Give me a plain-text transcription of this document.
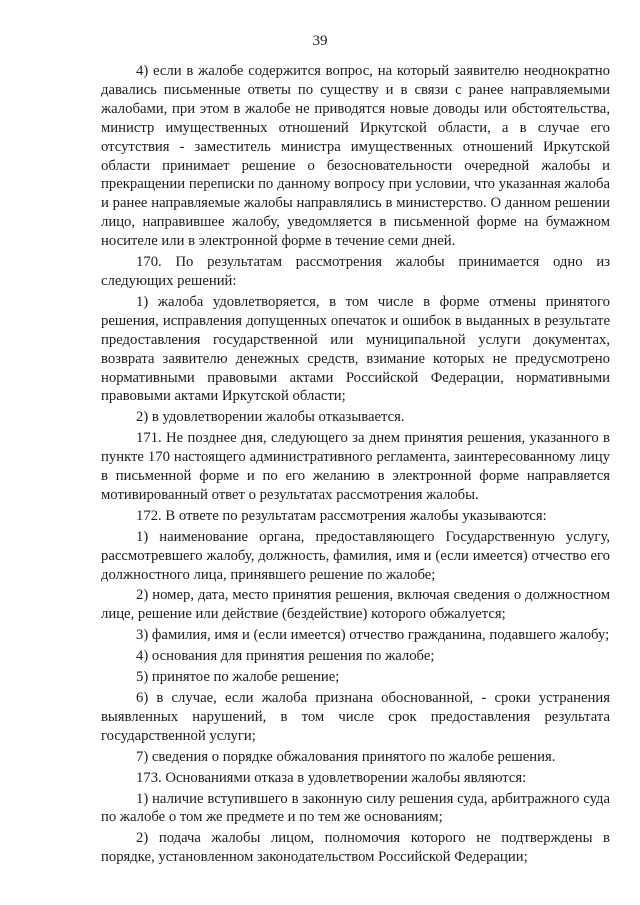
39

4) если в жалобе содержится вопрос, на который заявителю неоднократно давались письменные ответы по существу и в связи с ранее направляемыми жалобами, при этом в жалобе не приводятся новые доводы или обстоятельства, министр имущественных отношений Иркутской области, а в случае его отсутствия - заместитель министра имущественных отношений Иркутской области принимает решение о безосновательности очередной жалобы и прекращении переписки по данному вопросу при условии, что указанная жалоба и ранее направляемые жалобы направлялись в министерство. О данном решении лицо, направившее жалобу, уведомляется в письменной форме на бумажном носителе или в электронной форме в течение семи дней.

170. По результатам рассмотрения жалобы принимается одно из следующих решений:

1) жалоба удовлетворяется, в том числе в форме отмены принятого решения, исправления допущенных опечаток и ошибок в выданных в результате предоставления государственной или муниципальной услуги документах, возврата заявителю денежных средств, взимание которых не предусмотрено нормативными правовыми актами Российской Федерации, нормативными правовыми актами Иркутской области;

2) в удовлетворении жалобы отказывается.

171. Не позднее дня, следующего за днем принятия решения, указанного в пункте 170 настоящего административного регламента, заинтересованному лицу в письменной форме и по его желанию в электронной форме направляется мотивированный ответ о результатах рассмотрения жалобы.

172. В ответе по результатам рассмотрения жалобы указываются:

1) наименование органа, предоставляющего Государственную услугу, рассмотревшего жалобу, должность, фамилия, имя и (если имеется) отчество его должностного лица, принявшего решение по жалобе;

2) номер, дата, место принятия решения, включая сведения о должностном лице, решение или действие (бездействие) которого обжалуется;

3) фамилия, имя и (если имеется) отчество гражданина, подавшего жалобу;

4) основания для принятия решения по жалобе;

5) принятое по жалобе решение;

6) в случае, если жалоба признана обоснованной, - сроки устранения выявленных нарушений, в том числе срок предоставления результата государственной услуги;

7) сведения о порядке обжалования принятого по жалобе решения.

173. Основаниями отказа в удовлетворении жалобы являются:

1) наличие вступившего в законную силу решения суда, арбитражного суда по жалобе о том же предмете и по тем же основаниям;

2) подача жалобы лицом, полномочия которого не подтверждены в порядке, установленном законодательством Российской Федерации;
